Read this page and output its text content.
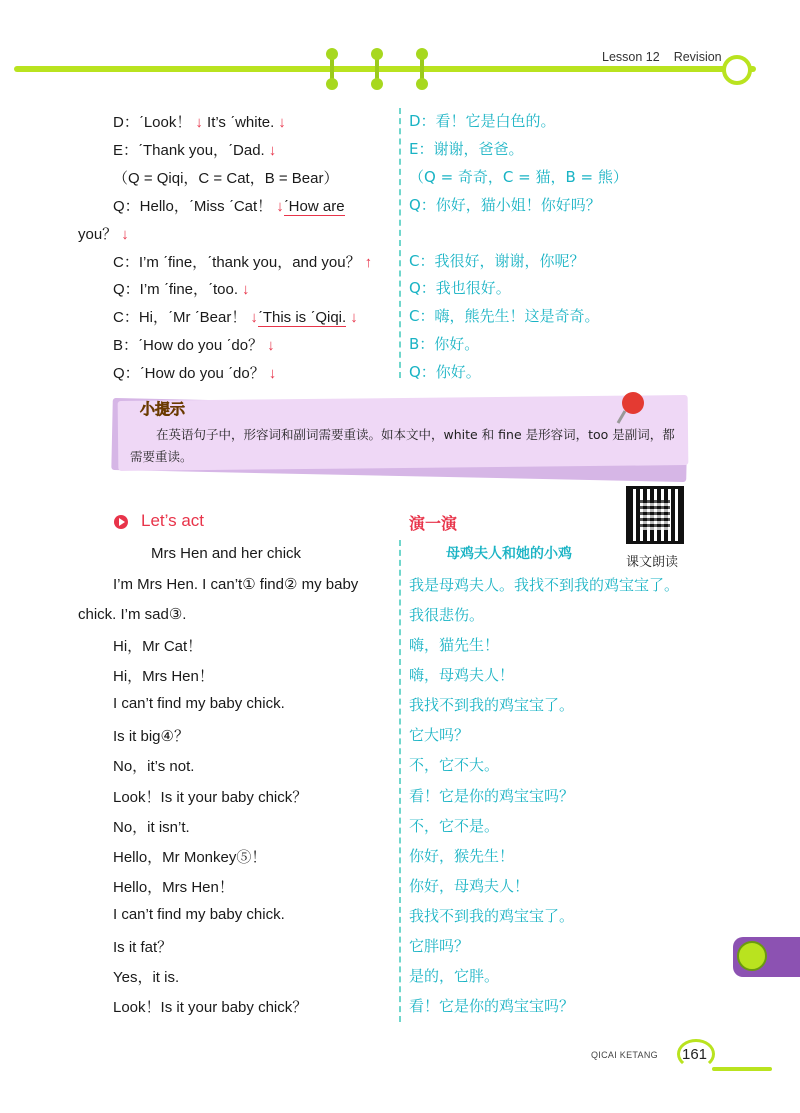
Lesson 12 Revision
D：ˊLook！ ↓ It’s ˊwhite. ↓	D：看！它是白色的。
E：ˊThank you，ˊDad. ↓	E：谢谢，爸爸。
（Q = Qiqi，C = Cat，B = Bear）	（Q = 奇奇，C = 猫，B = 熊）
Q：Hello，ˊMiss ˊCat！ ↓ˊHow are	Q：你好，猫小姐！你好吗？
you？ ↓
C：I’m ˊfine，ˊthank you，and you？ ↑ C：我很好，谢谢，你呢？
Q：I’m ˊfine，ˊtoo. ↓	Q：我也很好。
C：Hi，ˊMr ˊBear！ ↓ˊThis is ˊQiqi. ↓	C：嗨，熊先生！这是奇奇。
B：ˊHow do you ˊdo？ ↓	B：你好。
Q：ˊHow do you ˊdo？ ↓	Q：你好。
小提示
在英语句子中，形容词和副词需要重读。如本文中，white 和 fine 是形容词，too 是副词，都需要重读。
Let’s act	演一演
课文朗读
Mrs Hen and her chick	母鸡夫人和她的小鸡
I’m Mrs Hen. I can’t① find② my baby	我是母鸡夫人。我找不到我的鸡宝宝了。
chick. I’m sad③.	我很悲伤。
Hi，Mr Cat！	嗨，猫先生！
Hi，Mrs Hen！	嗨，母鸡夫人！
I can’t find my baby chick.	我找不到我的鸡宝宝了。
Is it big④？	它大吗？
No，it’s not.	不，它不大。
Look！Is it your baby chick？	看！它是你的鸡宝宝吗？
No，it isn’t.	不，它不是。
Hello，Mr Monkey⑤！	你好，猴先生！
Hello，Mrs Hen！	你好，母鸡夫人！
I can’t find my baby chick.	我找不到我的鸡宝宝了。
Is it fat？	它胖吗？
Yes，it is.	是的，它胖。
Look！Is it your baby chick？	看！它是你的鸡宝宝吗？
QICAI KETANG 161
